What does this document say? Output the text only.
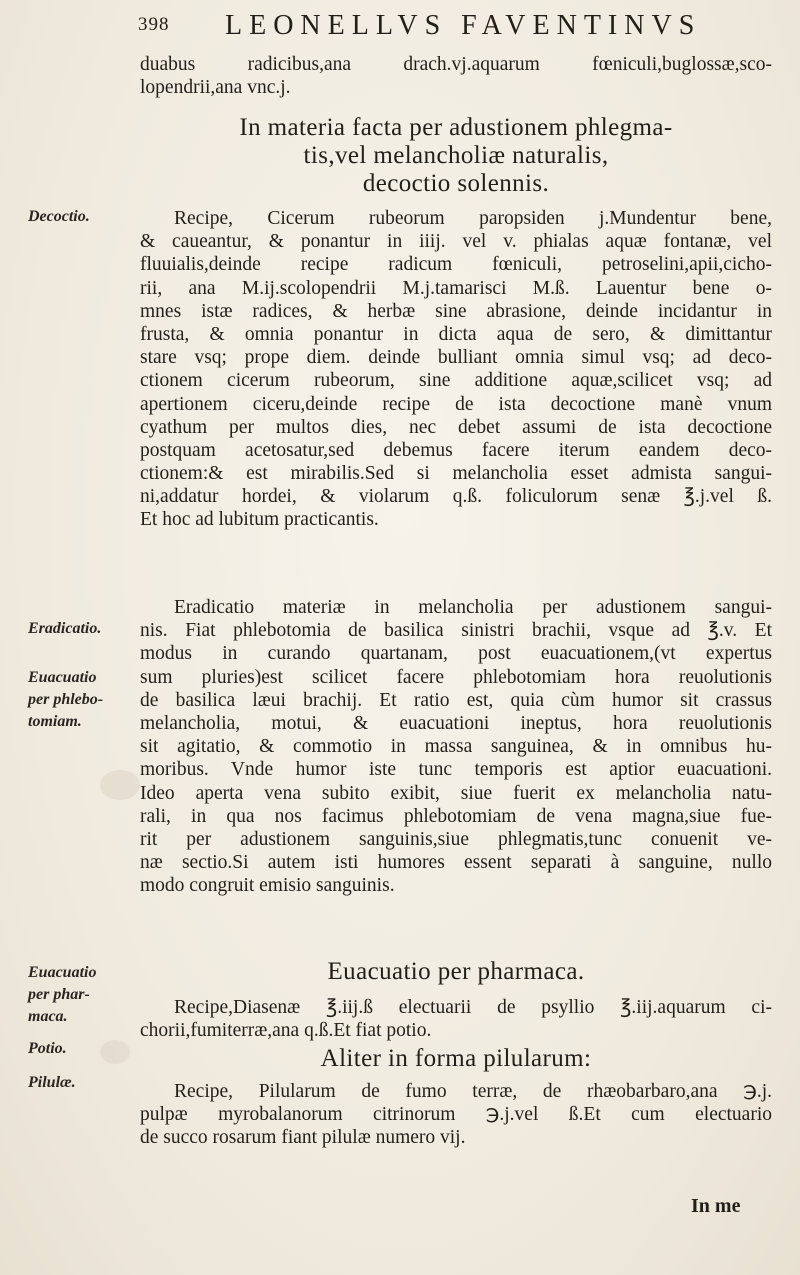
398 LEONELLVS FAVENTINVS
duabus radicibus,ana drach.vj.aquarum fœniculi,buglossæ,sco-
lopendrii,ana vnc.j.
In materia facta per adustionem phlegma-
tis,vel melancholiæ naturalis,
decoctio solennis.
Recipe, Cicerum rubeorum paropsiden j.Mundentur bene,
& caueantur, & ponantur in iiij. vel v. phialas aquæ fontanæ, vel
fluuialis,deinde recipe radicum fœniculi, petroselini,apii,cicho-
rii, ana M.ij.scolopendrii M.j.tamarisci M.ß. Lauentur bene o-
mnes istæ radices, & herbæ sine abrasione, deinde incidantur in
frusta, & omnia ponantur in dicta aqua de sero, & dimittantur
stare vsq; prope diem. deinde bulliant omnia simul vsq; ad deco-
ctionem cicerum rubeorum, sine additione aquæ,scilicet vsq; ad
apertionem ciceru,deinde recipe de ista decoctione manè vnum
cyathum per multos dies, nec debet assumi de ista decoctione
postquam acetosatur,sed debemus facere iterum eandem deco-
ctionem:& est mirabilis.Sed si melancholia esset admista sangui-
ni,addatur hordei, & violarum q.ß. foliculorum senæ ℥.j.vel ß.
Et hoc ad lubitum practicantis.
Eradicatio materiæ in melancholia per adustionem sangui-
nis. Fiat phlebotomia de basilica sinistri brachii, vsque ad ℥.v. Et
modus in curando quartanam, post euacuationem,(vt expertus
sum pluries)est scilicet facere phlebotomiam hora reuolutionis
de basilica læui brachij. Et ratio est, quia cùm humor sit crassus
melancholia, motui, & euacuationi ineptus, hora reuolutionis
sit agitatio, & commotio in massa sanguinea, & in omnibus hu-
moribus. Vnde humor iste tunc temporis est aptior euacuationi.
Ideo aperta vena subito exibit, siue fuerit ex melancholia natu-
rali, in qua nos facimus phlebotomiam de vena magna,siue fue-
rit per adustionem sanguinis,siue phlegmatis,tunc conuenit ve-
næ sectio.Si autem isti humores essent separati à sanguine, nullo
modo congruit emisio sanguinis.
Euacuatio per pharmaca.
Recipe,Diasenæ ℥.iij.ß electuarii de psyllio ℥.iij.aquarum ci-
chorii,fumiterræ,ana q.ß.Et fiat potio.
Aliter in forma pilularum:
Recipe, Pilularum de fumo terræ, de rhæobarbaro,ana ℈.j.
pulpæ myrobalanorum citrinorum ℈.j.vel ß.Et cum electuario
de succo rosarum fiant pilulæ numero vij.
In me
Decoctio.
Eradicatio.
Euacuatio
per phlebo-
tomiam.
Euacuatio
per phar-
maca.
Potio.
Pilulæ.
